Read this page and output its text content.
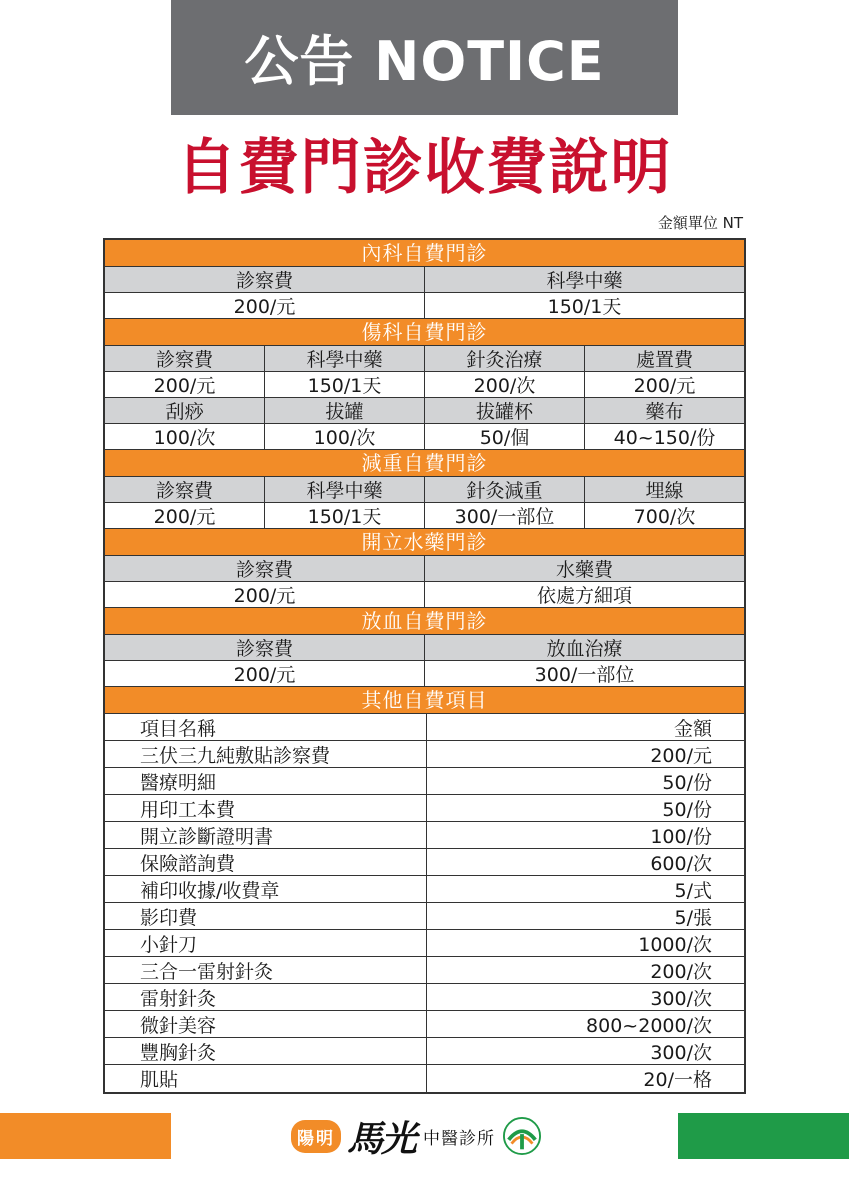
公告 NOTICE
自費門診收費說明
金額單位 NT
內科自費門診
診察費	科學中藥
200/元	150/1天
傷科自費門診
診察費	科學中藥	針灸治療	處置費
200/元	150/1天	200/次	200/元
刮痧	拔罐	拔罐杯	藥布
100/次	100/次	50/個	40~150/份
減重自費門診
診察費	科學中藥	針灸減重	埋線
200/元	150/1天	300/一部位	700/次
開立水藥門診
診察費	水藥費
200/元	依處方細項
放血自費門診
診察費	放血治療
200/元	300/一部位
其他自費項目
項目名稱	金額
三伏三九純敷貼診察費	200/元
醫療明細	50/份
用印工本費	50/份
開立診斷證明書	100/份
保險諮詢費	600/次
補印收據/收費章	5/式
影印費	5/張
小針刀	1000/次
三合一雷射針灸	200/次
雷射針灸	300/次
微針美容	800~2000/次
豐胸針灸	300/次
肌貼	20/一格
陽明 馬光 中醫診所
